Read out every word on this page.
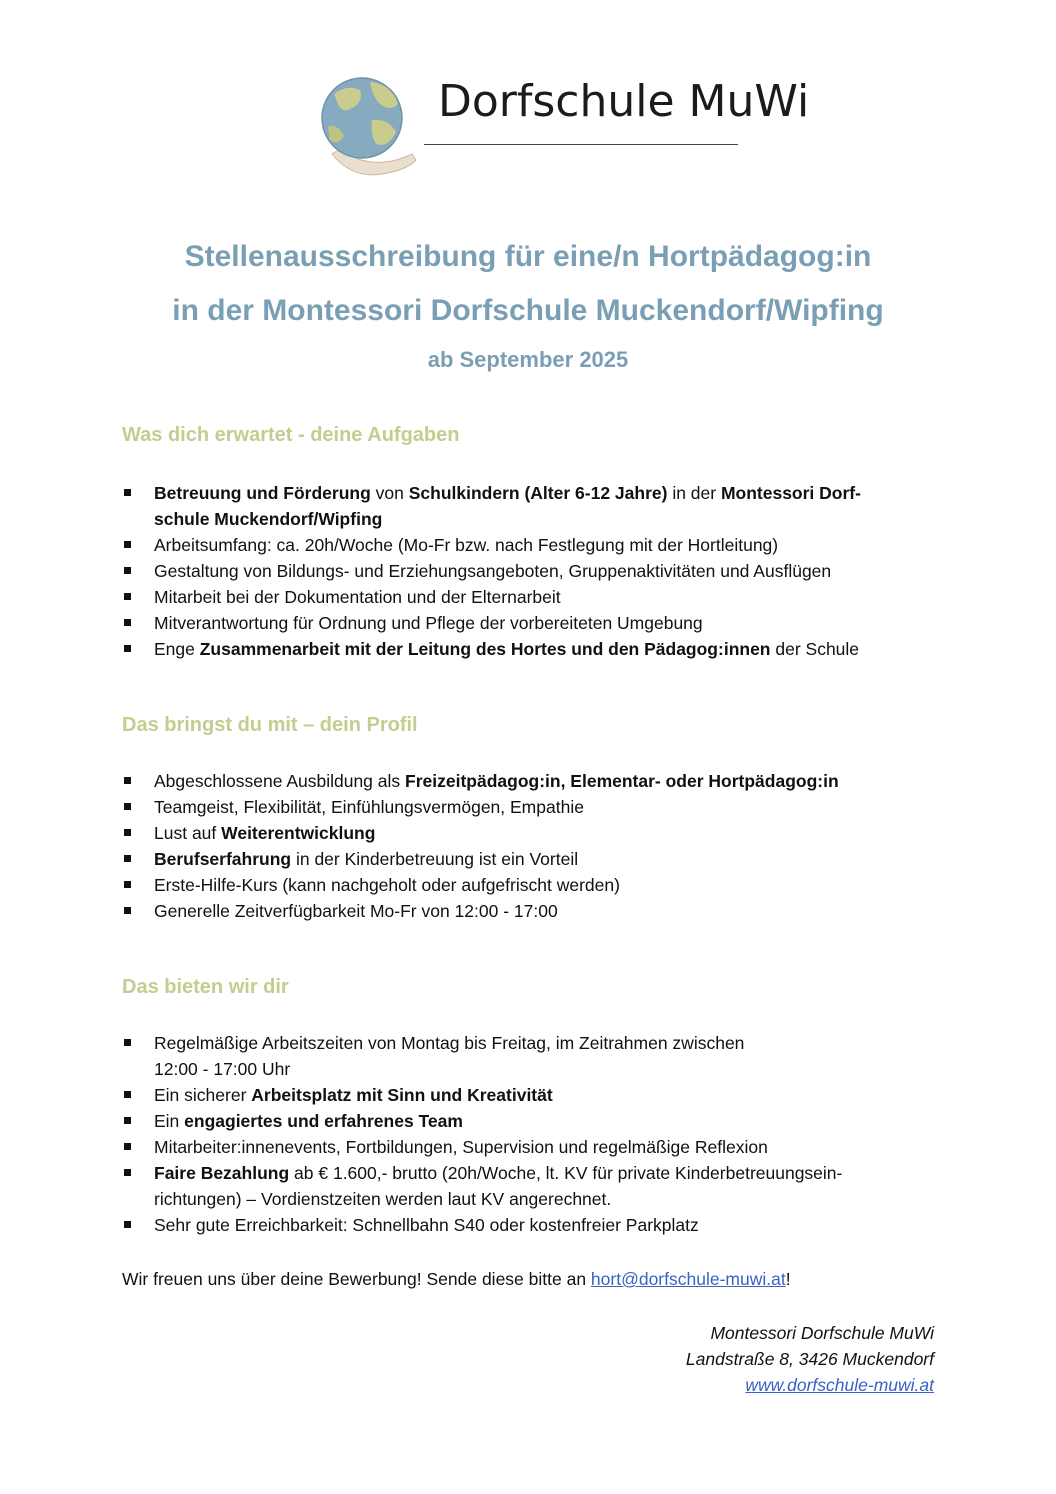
Dorfschule MuWi
Stellenausschreibung für eine/n Hortpädagog:in
in der Montessori Dorfschule Muckendorf/Wipfing
ab September 2025
Was dich erwartet - deine Aufgaben
Betreuung und Förderung von Schulkindern (Alter 6-12 Jahre) in der Montessori Dorf-
schule Muckendorf/Wipfing
Arbeitsumfang: ca. 20h/Woche (Mo-Fr bzw. nach Festlegung mit der Hortleitung)
Gestaltung von Bildungs- und Erziehungsangeboten, Gruppenaktivitäten und Ausflügen
Mitarbeit bei der Dokumentation und der Elternarbeit
Mitverantwortung für Ordnung und Pflege der vorbereiteten Umgebung
Enge Zusammenarbeit mit der Leitung des Hortes und den Pädagog:innen der Schule
Das bringst du mit – dein Profil
Abgeschlossene Ausbildung als Freizeitpädagog:in, Elementar- oder Hortpädagog:in
Teamgeist, Flexibilität, Einfühlungsvermögen, Empathie
Lust auf Weiterentwicklung
Berufserfahrung in der Kinderbetreuung ist ein Vorteil
Erste-Hilfe-Kurs (kann nachgeholt oder aufgefrischt werden)
Generelle Zeitverfügbarkeit Mo-Fr von 12:00 - 17:00
Das bieten wir dir
Regelmäßige Arbeitszeiten von Montag bis Freitag, im Zeitrahmen zwischen
12:00 - 17:00 Uhr
Ein sicherer Arbeitsplatz mit Sinn und Kreativität
Ein engagiertes und erfahrenes Team
Mitarbeiter:innenevents, Fortbildungen, Supervision und regelmäßige Reflexion
Faire Bezahlung ab € 1.600,- brutto (20h/Woche, lt. KV für private Kinderbetreuungsein-
richtungen) – Vordienstzeiten werden laut KV angerechnet.
Sehr gute Erreichbarkeit: Schnellbahn S40 oder kostenfreier Parkplatz
Wir freuen uns über deine Bewerbung! Sende diese bitte an hort@dorfschule-muwi.at!
Montessori Dorfschule MuWi
Landstraße 8, 3426 Muckendorf
www.dorfschule-muwi.at
